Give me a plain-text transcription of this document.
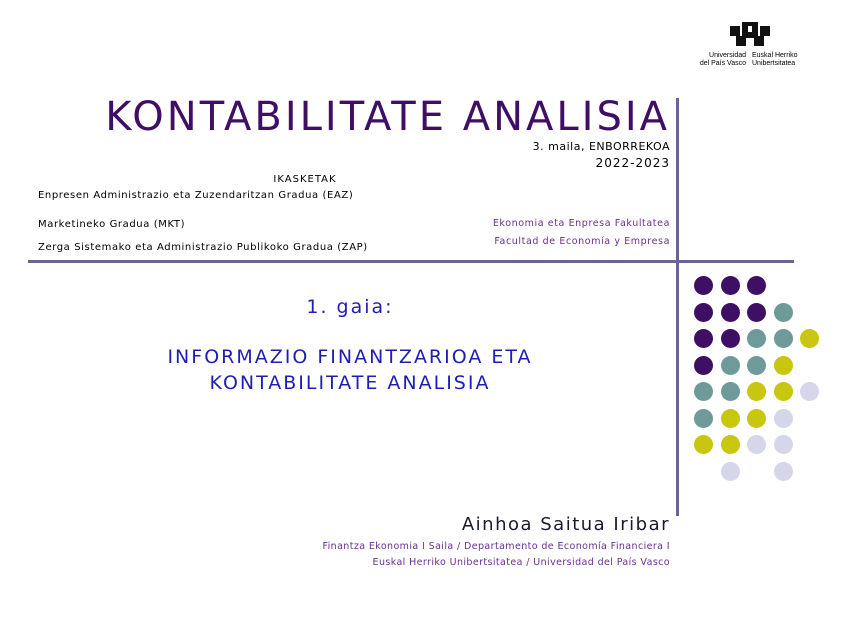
Universidad
del País Vasco
Euskal Herriko
Unibertsitatea
KONTABILITATE ANALISIA
3. maila, ENBORREKOA
2022-2023
IKASKETAK
Enpresen Administrazio eta Zuzendaritzan Gradua (EAZ)
Marketineko Gradua (MKT)
Zerga Sistemako eta Administrazio Publikoko Gradua (ZAP)
Ekonomia eta Enpresa Fakultatea
Facultad de Economía y Empresa
1. gaia:
INFORMAZIO FINANTZARIOA ETA
KONTABILITATE ANALISIA
Ainhoa Saitua Iribar
Finantza Ekonomia I Saila / Departamento de Economía Financiera I
Euskal Herriko Unibertsitatea / Universidad del País Vasco
